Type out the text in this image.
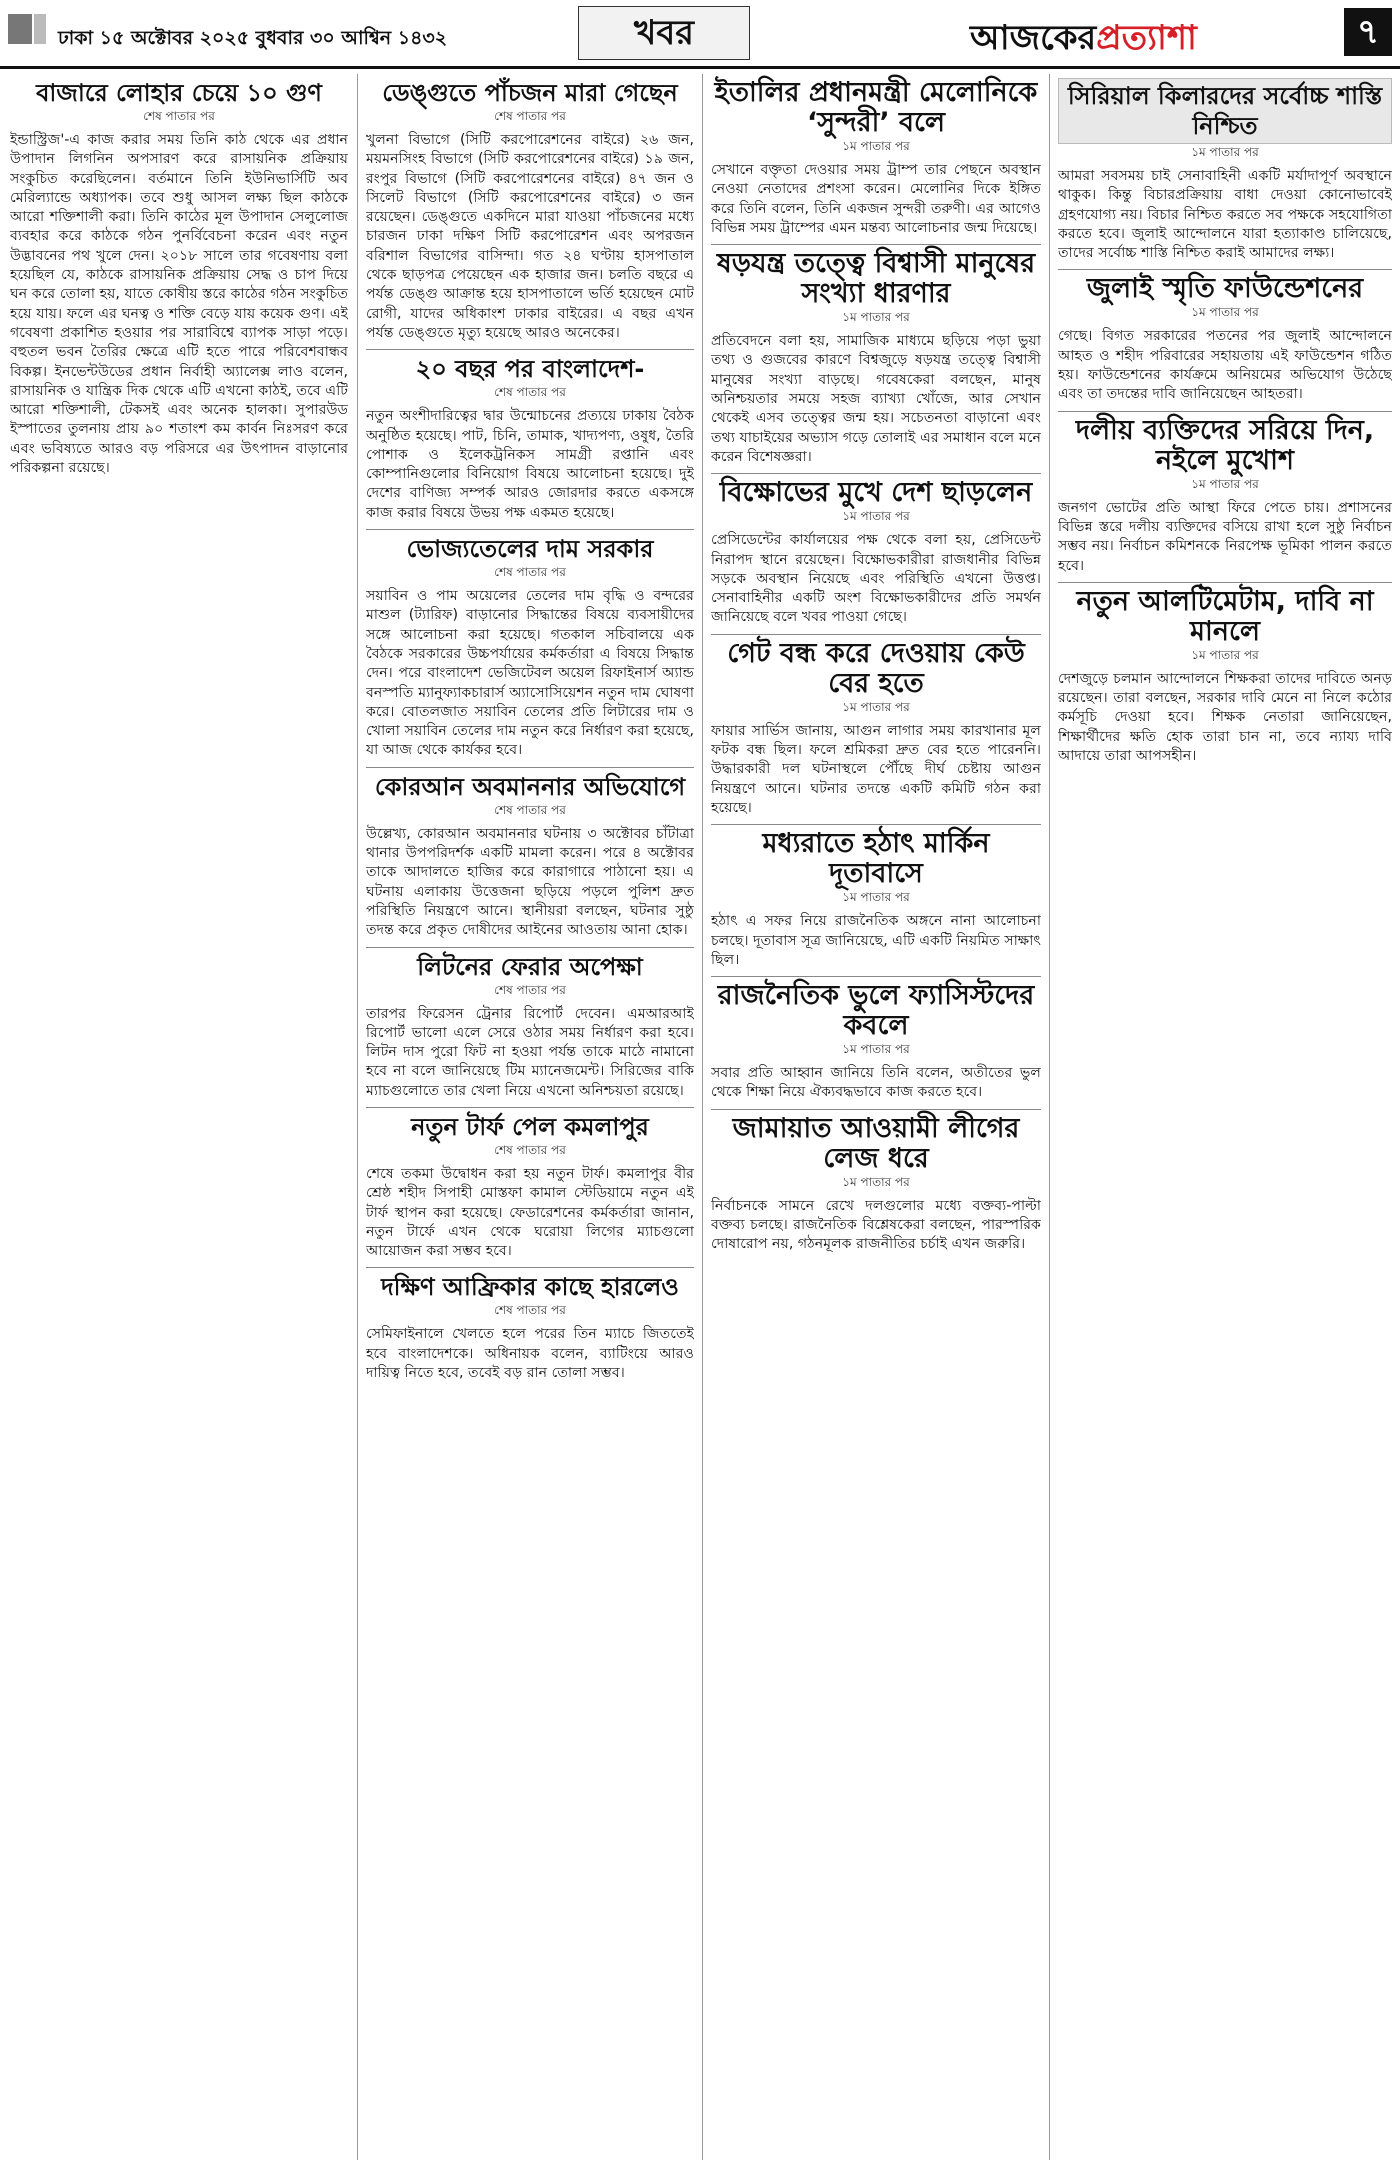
ঢাকা ১৫ অক্টোবর ২০২৫ বুধবার ৩০ আশ্বিন ১৪৩২	খবর	আজকেরপ্রত্যাশা	৭
বাজারে লোহার চেয়ে ১০ গুণ
শেষ পাতার পর

ইন্ডাস্ট্রিজ'-এ কাজ করার সময় তিনি কাঠ থেকে এর প্রধান উপাদান লিগনিন অপসারণ করে রাসায়নিক প্রক্রিয়ায় সংকুচিত করেছিলেন। বর্তমানে তিনি ইউনিভার্সিটি অব মেরিল্যান্ডে অধ্যাপক। তবে শুধু আসল লক্ষ্য ছিল কাঠকে আরো শক্তিশালী করা। তিনি কাঠের মূল উপাদান সেলুলোজ ব্যবহার করে কাঠকে গঠন পুনর্বিবেচনা করেন এবং নতুন উদ্ভাবনের পথ খুলে দেন। ২০১৮ সালে তার গবেষণায় বলা হয়েছিল যে, কাঠকে রাসায়নিক প্রক্রিয়ায় সেদ্ধ ও চাপ দিয়ে ঘন করে তোলা হয়, যাতে কোষীয় স্তরে কাঠের গঠন সংকুচিত হয়ে যায়। ফলে এর ঘনত্ব ও শক্তি বেড়ে যায় কয়েক গুণ। এই গবেষণা প্রকাশিত হওয়ার পর সারাবিশ্বে ব্যাপক সাড়া পড়ে। বহুতল ভবন তৈরির ক্ষেত্রে এটি হতে পারে পরিবেশবান্ধব বিকল্প। ইনভেন্টউডের প্রধান নির্বাহী অ্যালেক্স লাও বলেন, রাসায়নিক ও যান্ত্রিক দিক থেকে এটি এখনো কাঠই, তবে এটি আরো শক্তিশালী, টেকসই এবং অনেক হালকা। সুপারউড ইস্পাতের তুলনায় প্রায় ৯০ শতাংশ কম কার্বন নিঃসরণ করে এবং ভবিষ্যতে আরও বড় পরিসরে এর উৎপাদন বাড়ানোর পরিকল্পনা রয়েছে।

ডেঙ্গুতে পাঁচজন মারা গেছেন
শেষ পাতার পর

খুলনা বিভাগে (সিটি করপোরেশনের বাইরে) ২৬ জন, ময়মনসিংহ বিভাগে (সিটি করপোরেশনের বাইরে) ১৯ জন, রংপুর বিভাগে (সিটি করপোরেশনের বাইরে) ৪৭ জন ও সিলেট বিভাগে (সিটি করপোরেশনের বাইরে) ৩ জন রয়েছেন। ডেঙ্গুতে একদিনে মারা যাওয়া পাঁচজনের মধ্যে চারজন ঢাকা দক্ষিণ সিটি করপোরেশন এবং অপরজন বরিশাল বিভাগের বাসিন্দা। গত ২৪ ঘণ্টায় হাসপাতাল থেকে ছাড়পত্র পেয়েছেন এক হাজার জন। চলতি বছরে এ পর্যন্ত ডেঙ্গু আক্রান্ত হয়ে হাসপাতালে ভর্তি হয়েছেন মোট রোগী, যাদের অধিকাংশ ঢাকার বাইরের। এ বছর এখন পর্যন্ত ডেঙ্গুতে মৃত্যু হয়েছে আরও অনেকের।

২০ বছর পর বাংলাদেশ-
শেষ পাতার পর

নতুন অংশীদারিত্বের দ্বার উন্মোচনের প্রত্যয়ে ঢাকায় বৈঠক অনুষ্ঠিত হয়েছে। পাট, চিনি, তামাক, খাদ্যপণ্য, ওষুধ, তৈরি পোশাক ও ইলেকট্রনিকস সামগ্রী রপ্তানি এবং কোম্পানিগুলোর বিনিয়োগ বিষয়ে আলোচনা হয়েছে। দুই দেশের বাণিজ্য সম্পর্ক আরও জোরদার করতে একসঙ্গে কাজ করার বিষয়ে উভয় পক্ষ একমত হয়েছে।

ভোজ্যতেলের দাম সরকার
শেষ পাতার পর

সয়াবিন ও পাম অয়েলের তেলের দাম বৃদ্ধি ও বন্দরের মাশুল (ট্যারিফ) বাড়ানোর সিদ্ধান্তের বিষয়ে ব্যবসায়ীদের সঙ্গে আলোচনা করা হয়েছে। গতকাল সচিবালয়ে এক বৈঠকে সরকারের উচ্চপর্যায়ের কর্মকর্তারা এ বিষয়ে সিদ্ধান্ত দেন। পরে বাংলাদেশ ভেজিটেবল অয়েল রিফাইনার্স অ্যান্ড বনস্পতি ম্যানুফ্যাকচারার্স অ্যাসোসিয়েশন নতুন দাম ঘোষণা করে। বোতলজাত সয়াবিন তেলের প্রতি লিটারের দাম ও খোলা সয়াবিন তেলের দাম নতুন করে নির্ধারণ করা হয়েছে, যা আজ থেকে কার্যকর হবে।

কোরআন অবমাননার অভিযোগে
শেষ পাতার পর

উল্লেখ্য, কোরআন অবমাননার ঘটনায় ৩ অক্টোবর চাঁটাত্রা থানার উপপরিদর্শক একটি মামলা করেন। পরে ৪ অক্টোবর তাকে আদালতে হাজির করে কারাগারে পাঠানো হয়। এ ঘটনায় এলাকায় উত্তেজনা ছড়িয়ে পড়লে পুলিশ দ্রুত পরিস্থিতি নিয়ন্ত্রণে আনে। স্থানীয়রা বলছেন, ঘটনার সুষ্ঠু তদন্ত করে প্রকৃত দোষীদের আইনের আওতায় আনা হোক।

লিটনের ফেরার অপেক্ষা
শেষ পাতার পর

তারপর ফিরেসন ট্রেনার রিপোর্ট দেবেন। এমআরআই রিপোর্ট ভালো এলে সেরে ওঠার সময় নির্ধারণ করা হবে। লিটন দাস পুরো ফিট না হওয়া পর্যন্ত তাকে মাঠে নামানো হবে না বলে জানিয়েছে টিম ম্যানেজমেন্ট। সিরিজের বাকি ম্যাচগুলোতে তার খেলা নিয়ে এখনো অনিশ্চয়তা রয়েছে।

নতুন টার্ফ পেল কমলাপুর
শেষ পাতার পর

শেষে তকমা উদ্বোধন করা হয় নতুন টার্ফ। কমলাপুর বীর শ্রেষ্ঠ শহীদ সিপাহী মোস্তফা কামাল স্টেডিয়ামে নতুন এই টার্ফ স্থাপন করা হয়েছে। ফেডারেশনের কর্মকর্তারা জানান, নতুন টার্ফে এখন থেকে ঘরোয়া লিগের ম্যাচগুলো আয়োজন করা সম্ভব হবে।

দক্ষিণ আফ্রিকার কাছে হারলেও
শেষ পাতার পর

সেমিফাইনালে খেলতে হলে পরের তিন ম্যাচে জিততেই হবে বাংলাদেশকে। অধিনায়ক বলেন, ব্যাটিংয়ে আরও দায়িত্ব নিতে হবে, তবেই বড় রান তোলা সম্ভব।

ইতালির প্রধানমন্ত্রী মেলোনিকে ‘সুন্দরী’ বলে
১ম পাতার পর

সেখানে বক্তৃতা দেওয়ার সময় ট্রাম্প তার পেছনে অবস্থান নেওয়া নেতাদের প্রশংসা করেন। মেলোনির দিকে ইঙ্গিত করে তিনি বলেন, তিনি একজন সুন্দরী তরুণী। এর আগেও বিভিন্ন সময় ট্রাম্পের এমন মন্তব্য আলোচনার জন্ম দিয়েছে।

ষড়যন্ত্র তত্ত্বে বিশ্বাসী মানুষের সংখ্যা ধারণার
১ম পাতার পর

প্রতিবেদনে বলা হয়, সামাজিক মাধ্যমে ছড়িয়ে পড়া ভুয়া তথ্য ও গুজবের কারণে বিশ্বজুড়ে ষড়যন্ত্র তত্ত্বে বিশ্বাসী মানুষের সংখ্যা বাড়ছে। গবেষকেরা বলছেন, মানুষ অনিশ্চয়তার সময়ে সহজ ব্যাখ্যা খোঁজে, আর সেখান থেকেই এসব তত্ত্বের জন্ম হয়। সচেতনতা বাড়ানো এবং তথ্য যাচাইয়ের অভ্যাস গড়ে তোলাই এর সমাধান বলে মনে করেন বিশেষজ্ঞরা।

বিক্ষোভের মুখে দেশ ছাড়লেন
১ম পাতার পর

প্রেসিডেন্টের কার্যালয়ের পক্ষ থেকে বলা হয়, প্রেসিডেন্ট নিরাপদ স্থানে রয়েছেন। বিক্ষোভকারীরা রাজধানীর বিভিন্ন সড়কে অবস্থান নিয়েছে এবং পরিস্থিতি এখনো উত্তপ্ত। সেনাবাহিনীর একটি অংশ বিক্ষোভকারীদের প্রতি সমর্থন জানিয়েছে বলে খবর পাওয়া গেছে।

গেট বন্ধ করে দেওয়ায় কেউ বের হতে
১ম পাতার পর

ফায়ার সার্ভিস জানায়, আগুন লাগার সময় কারখানার মূল ফটক বন্ধ ছিল। ফলে শ্রমিকরা দ্রুত বের হতে পারেননি। উদ্ধারকারী দল ঘটনাস্থলে পৌঁছে দীর্ঘ চেষ্টায় আগুন নিয়ন্ত্রণে আনে। ঘটনার তদন্তে একটি কমিটি গঠন করা হয়েছে।

মধ্যরাতে হঠাৎ মার্কিন দূতাবাসে
১ম পাতার পর

হঠাৎ এ সফর নিয়ে রাজনৈতিক অঙ্গনে নানা আলোচনা চলছে। দূতাবাস সূত্র জানিয়েছে, এটি একটি নিয়মিত সাক্ষাৎ ছিল।

রাজনৈতিক ভুলে ফ্যাসিস্টদের কবলে
১ম পাতার পর

সবার প্রতি আহ্বান জানিয়ে তিনি বলেন, অতীতের ভুল থেকে শিক্ষা নিয়ে ঐক্যবদ্ধভাবে কাজ করতে হবে।

জামায়াত আওয়ামী লীগের লেজ ধরে
১ম পাতার পর

নির্বাচনকে সামনে রেখে দলগুলোর মধ্যে বক্তব্য-পাল্টা বক্তব্য চলছে। রাজনৈতিক বিশ্লেষকেরা বলছেন, পারস্পরিক দোষারোপ নয়, গঠনমূলক রাজনীতির চর্চাই এখন জরুরি।

সিরিয়াল কিলারদের সর্বোচ্চ শাস্তি নিশ্চিত
১ম পাতার পর

আমরা সবসময় চাই সেনাবাহিনী একটি মর্যাদাপূর্ণ অবস্থানে থাকুক। কিন্তু বিচারপ্রক্রিয়ায় বাধা দেওয়া কোনোভাবেই গ্রহণযোগ্য নয়। বিচার নিশ্চিত করতে সব পক্ষকে সহযোগিতা করতে হবে। জুলাই আন্দোলনে যারা হত্যাকাণ্ড চালিয়েছে, তাদের সর্বোচ্চ শাস্তি নিশ্চিত করাই আমাদের লক্ষ্য।

জুলাই স্মৃতি ফাউন্ডেশনের
১ম পাতার পর

গেছে। বিগত সরকারের পতনের পর জুলাই আন্দোলনে আহত ও শহীদ পরিবারের সহায়তায় এই ফাউন্ডেশন গঠিত হয়। ফাউন্ডেশনের কার্যক্রমে অনিয়মের অভিযোগ উঠেছে এবং তা তদন্তের দাবি জানিয়েছেন আহতরা।

দলীয় ব্যক্তিদের সরিয়ে দিন, নইলে মুখোশ
১ম পাতার পর

জনগণ ভোটের প্রতি আস্থা ফিরে পেতে চায়। প্রশাসনের বিভিন্ন স্তরে দলীয় ব্যক্তিদের বসিয়ে রাখা হলে সুষ্ঠু নির্বাচন সম্ভব নয়। নির্বাচন কমিশনকে নিরপেক্ষ ভূমিকা পালন করতে হবে।

নতুন আলটিমেটাম, দাবি না মানলে
১ম পাতার পর

দেশজুড়ে চলমান আন্দোলনে শিক্ষকরা তাদের দাবিতে অনড় রয়েছেন। তারা বলছেন, সরকার দাবি মেনে না নিলে কঠোর কর্মসূচি দেওয়া হবে। শিক্ষক নেতারা জানিয়েছেন, শিক্ষার্থীদের ক্ষতি হোক তারা চান না, তবে ন্যায্য দাবি আদায়ে তারা আপসহীন।
